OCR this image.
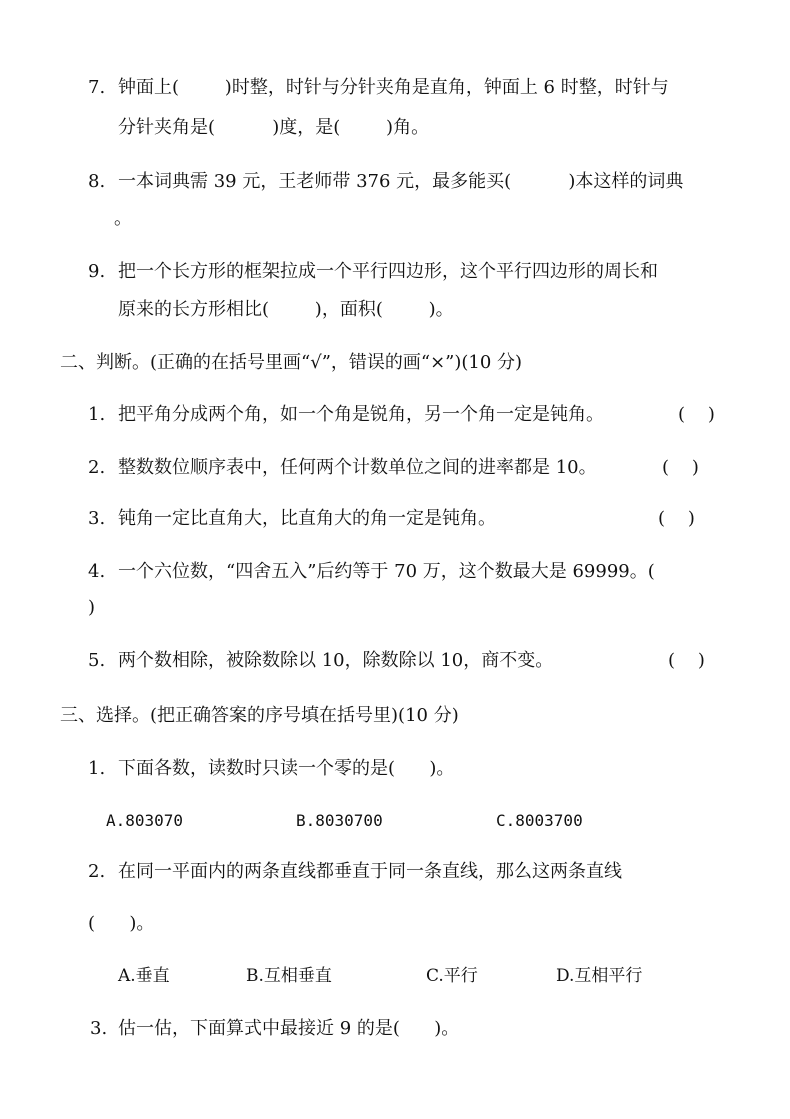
7. 钟面上(        )时整，时针与分针夹角是直角，钟面上 6 时整，时针与
分针夹角是(          )度，是(        )角。
8. 一本词典需 39 元，王老师带 376 元，最多能买(          )本这样的词典
。
9. 把一个长方形的框架拉成一个平行四边形，这个平行四边形的周长和
原来的长方形相比(        )，面积(        )。
二、判断。(正确的在括号里画“√”，错误的画“×”)(10 分)
1. 把平角分成两个角，如一个角是锐角，另一个角一定是钝角。	(    )
2. 整数数位顺序表中，任何两个计数单位之间的进率都是 10。	(    )
3. 钝角一定比直角大，比直角大的角一定是钝角。	(    )
4. 一个六位数，“四舍五入”后约等于 70 万，这个数最大是 69999。(
)
5. 两个数相除，被除数除以 10，除数除以 10，商不变。	(    )
三、选择。(把正确答案的序号填在括号里)(10 分)
1. 下面各数，读数时只读一个零的是(      )。
A.803070	B.8030700	C.8003700
2. 在同一平面内的两条直线都垂直于同一条直线，那么这两条直线
(      )。
A.垂直	B.互相垂直	C.平行	D.互相平行
3. 估一估，下面算式中最接近 9 的是(      )。
